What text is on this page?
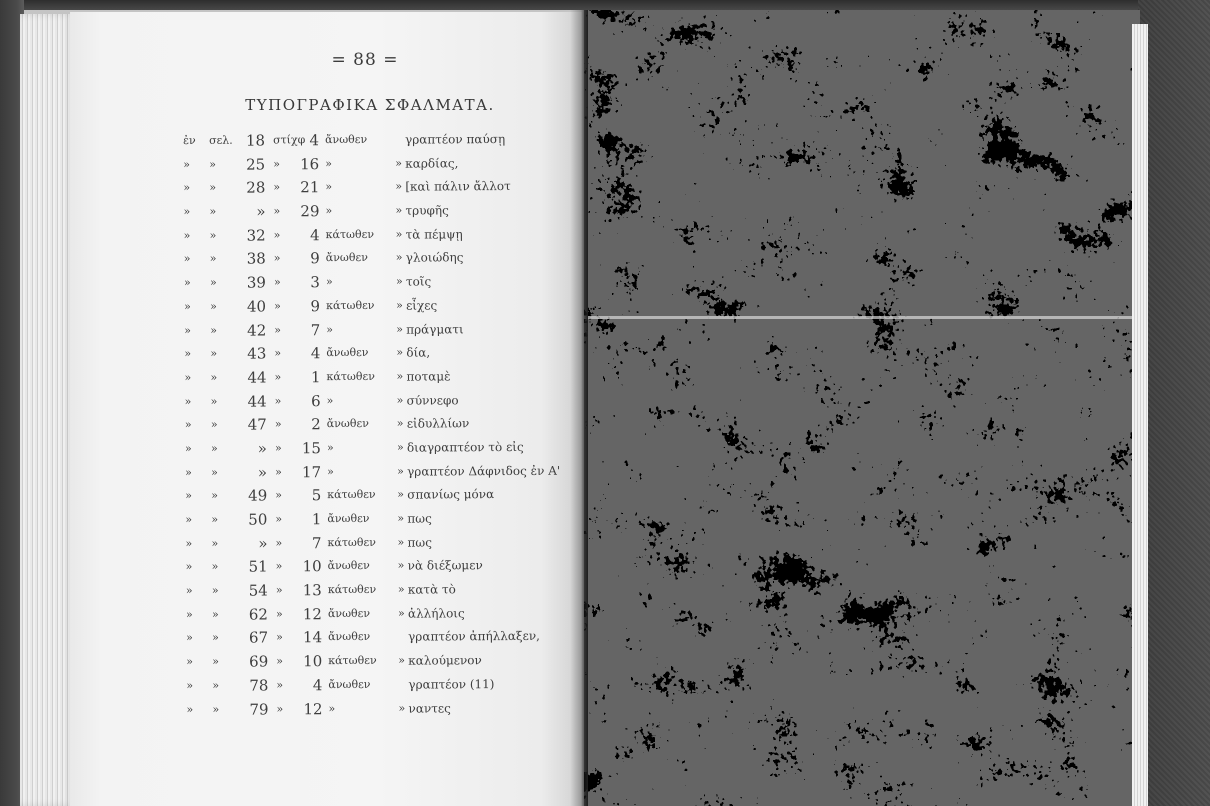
= 88 =
ΤΥΠΟΓΡΑΦΙΚΑ ΣΦΑΛΜΑΤΑ.
ἐν	σελ. 18 στίχφ 4 ἄνωθεν	γραπτέον παύσῃ
»	»	25 »	16 »	» καρδίας,
»	»	28 »	21 »	» [καὶ πάλιν ἄλλοτ
»	»	» »	29 »	» τρυφῆς
»	»	32 »	4 κάτωθεν	» τὰ πέμψῃ
»	»	38 »	9 ἄνωθεν	» γλοιώδης
»	»	39 »	3 »	» τοῖς
»	»	40 »	9 κάτωθεν	» εἶχες
»	»	42 »	7 »	» πράγματι
»	»	43 »	4 ἄνωθεν	» δία,
»	»	44 »	1 κάτωθεν	» ποταμὲ
»	»	44 »	6 »	» σύννεφο
»	»	47 »	2 ἄνωθεν	» εἰδυλλίων
»	»	» »	15 »	» διαγραπτέον τὸ εἰς
»	»	» »	17 »	» γραπτέον Δάφνιδος ἐν Α'
»	»	49 »	5 κάτωθεν	» σπανίως μόνα
»	»	50 »	1 ἄνωθεν	» πως
»	»	» »	7 κάτωθεν	» πως
»	»	51 »	10 ἄνωθεν	» νὰ διέξωμεν
»	»	54 »	13 κάτωθεν	» κατὰ τὸ
»	»	62 »	12 ἄνωθεν	» ἀλλήλοις
»	»	67 »	14 ἄνωθεν	γραπτέον ἀπήλλαξεν,
»	»	69 »	10 κάτωθεν	» καλούμενον
»	»	78 »	4 ἄνωθεν	γραπτέον (11)
»	»	79 »	12 »	» ναντες
